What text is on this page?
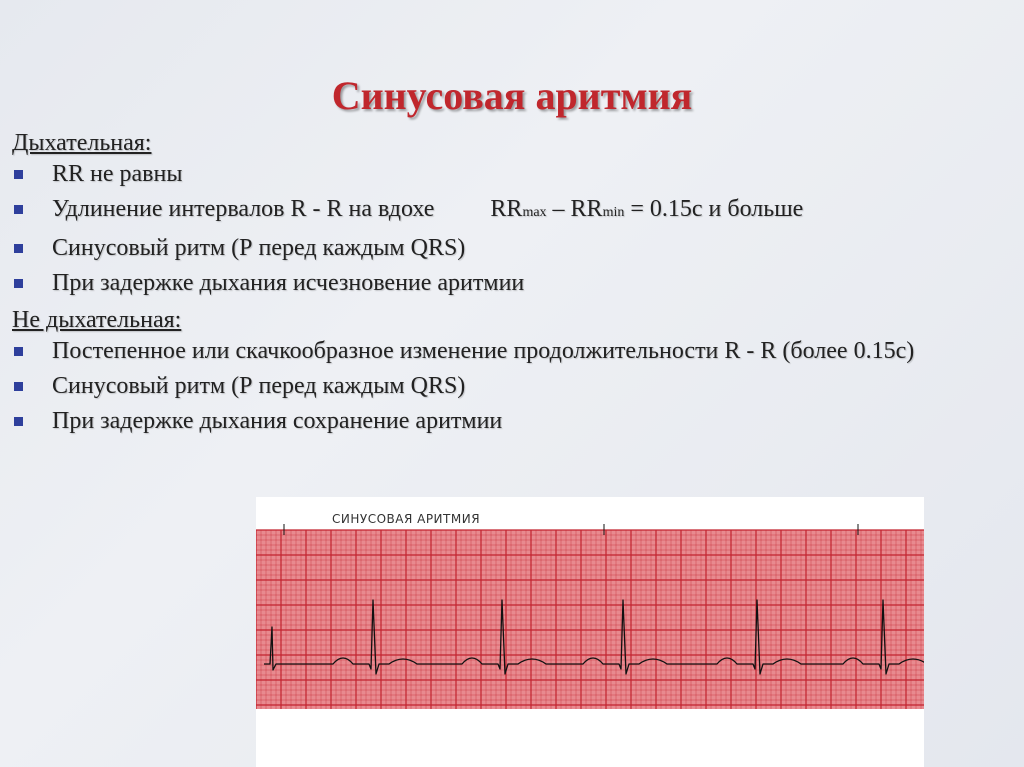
Синусовая аритмия
Дыхательная:
RR не равны
Удлинение интервалов R - R на вдохе RRmax – RRmin = 0.15c и больше
Синусовый ритм (Р перед каждым QRS)
При задержке дыхания исчезновение аритмии
Не дыхательная:
Постепенное или скачкообразное изменение продолжительности R - R (более 0.15c)
Синусовый ритм (Р перед каждым QRS)
При задержке дыхания сохранение аритмии
СИНУСОВАЯ АРИТМИЯ
